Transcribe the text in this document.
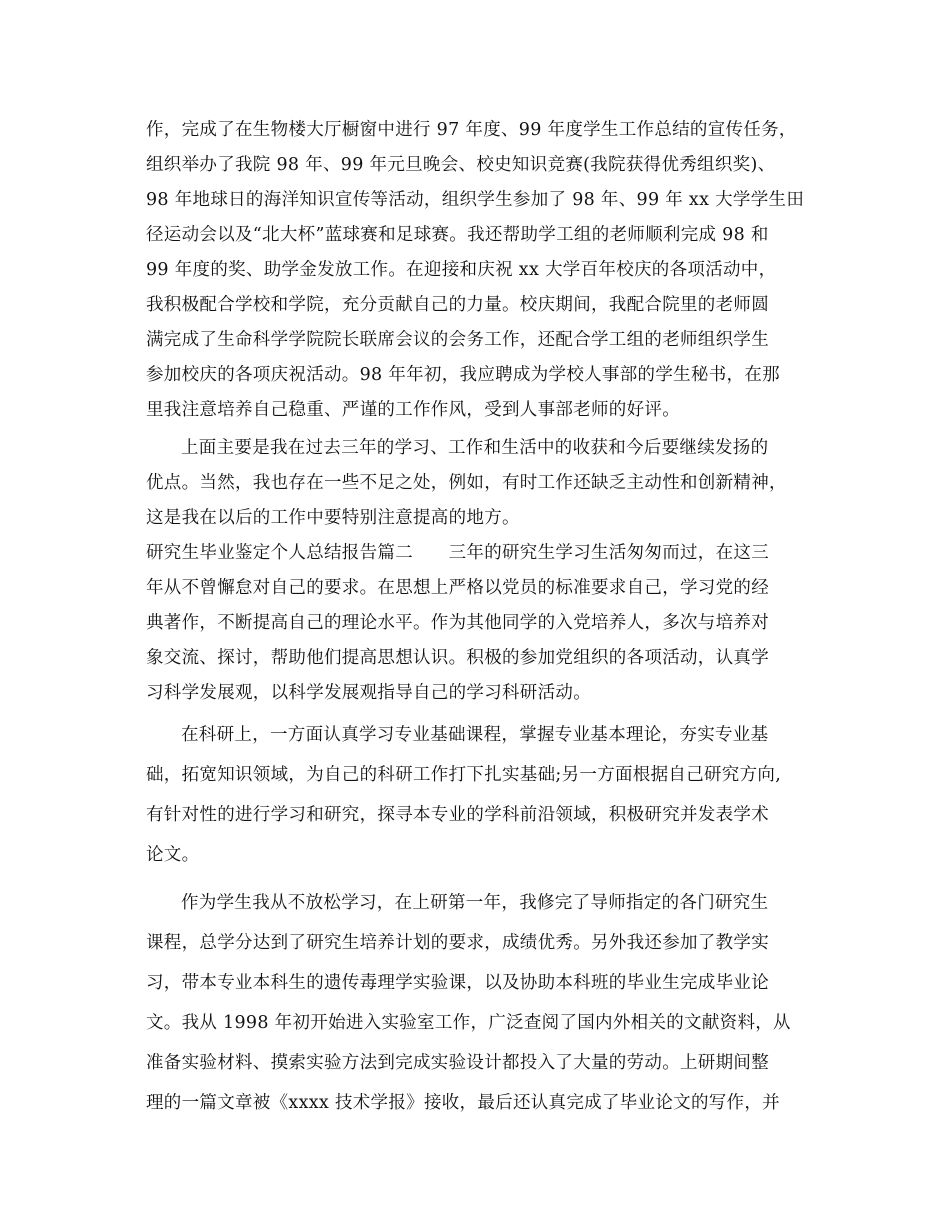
作，完成了在生物楼大厅橱窗中进行 97 年度、99 年度学生工作总结的宣传任务，
组织举办了我院 98 年、99 年元旦晚会、校史知识竞赛(我院获得优秀组织奖)、
98 年地球日的海洋知识宣传等活动，组织学生参加了 98 年、99 年 xx 大学学生田
径运动会以及“北大杯”蓝球赛和足球赛。我还帮助学工组的老师顺利完成 98 和
99 年度的奖、助学金发放工作。在迎接和庆祝 xx 大学百年校庆的各项活动中，
我积极配合学校和学院，充分贡献自己的力量。校庆期间，我配合院里的老师圆
满完成了生命科学学院院长联席会议的会务工作，还配合学工组的老师组织学生
参加校庆的各项庆祝活动。98 年年初，我应聘成为学校人事部的学生秘书，在那
里我注意培养自己稳重、严谨的工作作风，受到人事部老师的好评。
上面主要是我在过去三年的学习、工作和生活中的收获和今后要继续发扬的
优点。当然，我也存在一些不足之处，例如，有时工作还缺乏主动性和创新精神，
这是我在以后的工作中要特别注意提高的地方。
研究生毕业鉴定个人总结报告篇二　　三年的研究生学习生活匆匆而过，在这三
年从不曾懈怠对自己的要求。在思想上严格以党员的标准要求自己，学习党的经
典著作，不断提高自己的理论水平。作为其他同学的入党培养人，多次与培养对
象交流、探讨，帮助他们提高思想认识。积极的参加党组织的各项活动，认真学
习科学发展观，以科学发展观指导自己的学习科研活动。
在科研上，一方面认真学习专业基础课程，掌握专业基本理论，夯实专业基
础，拓宽知识领域，为自己的科研工作打下扎实基础;另一方面根据自己研究方向,
有针对性的进行学习和研究，探寻本专业的学科前沿领域，积极研究并发表学术
论文。
作为学生我从不放松学习，在上研第一年，我修完了导师指定的各门研究生
课程，总学分达到了研究生培养计划的要求，成绩优秀。另外我还参加了教学实
习，带本专业本科生的遗传毒理学实验课，以及协助本科班的毕业生完成毕业论
文。我从 1998 年初开始进入实验室工作，广泛查阅了国内外相关的文献资料，从
准备实验材料、摸索实验方法到完成实验设计都投入了大量的劳动。上研期间整
理的一篇文章被《xxxx 技术学报》接收，最后还认真完成了毕业论文的写作，并
